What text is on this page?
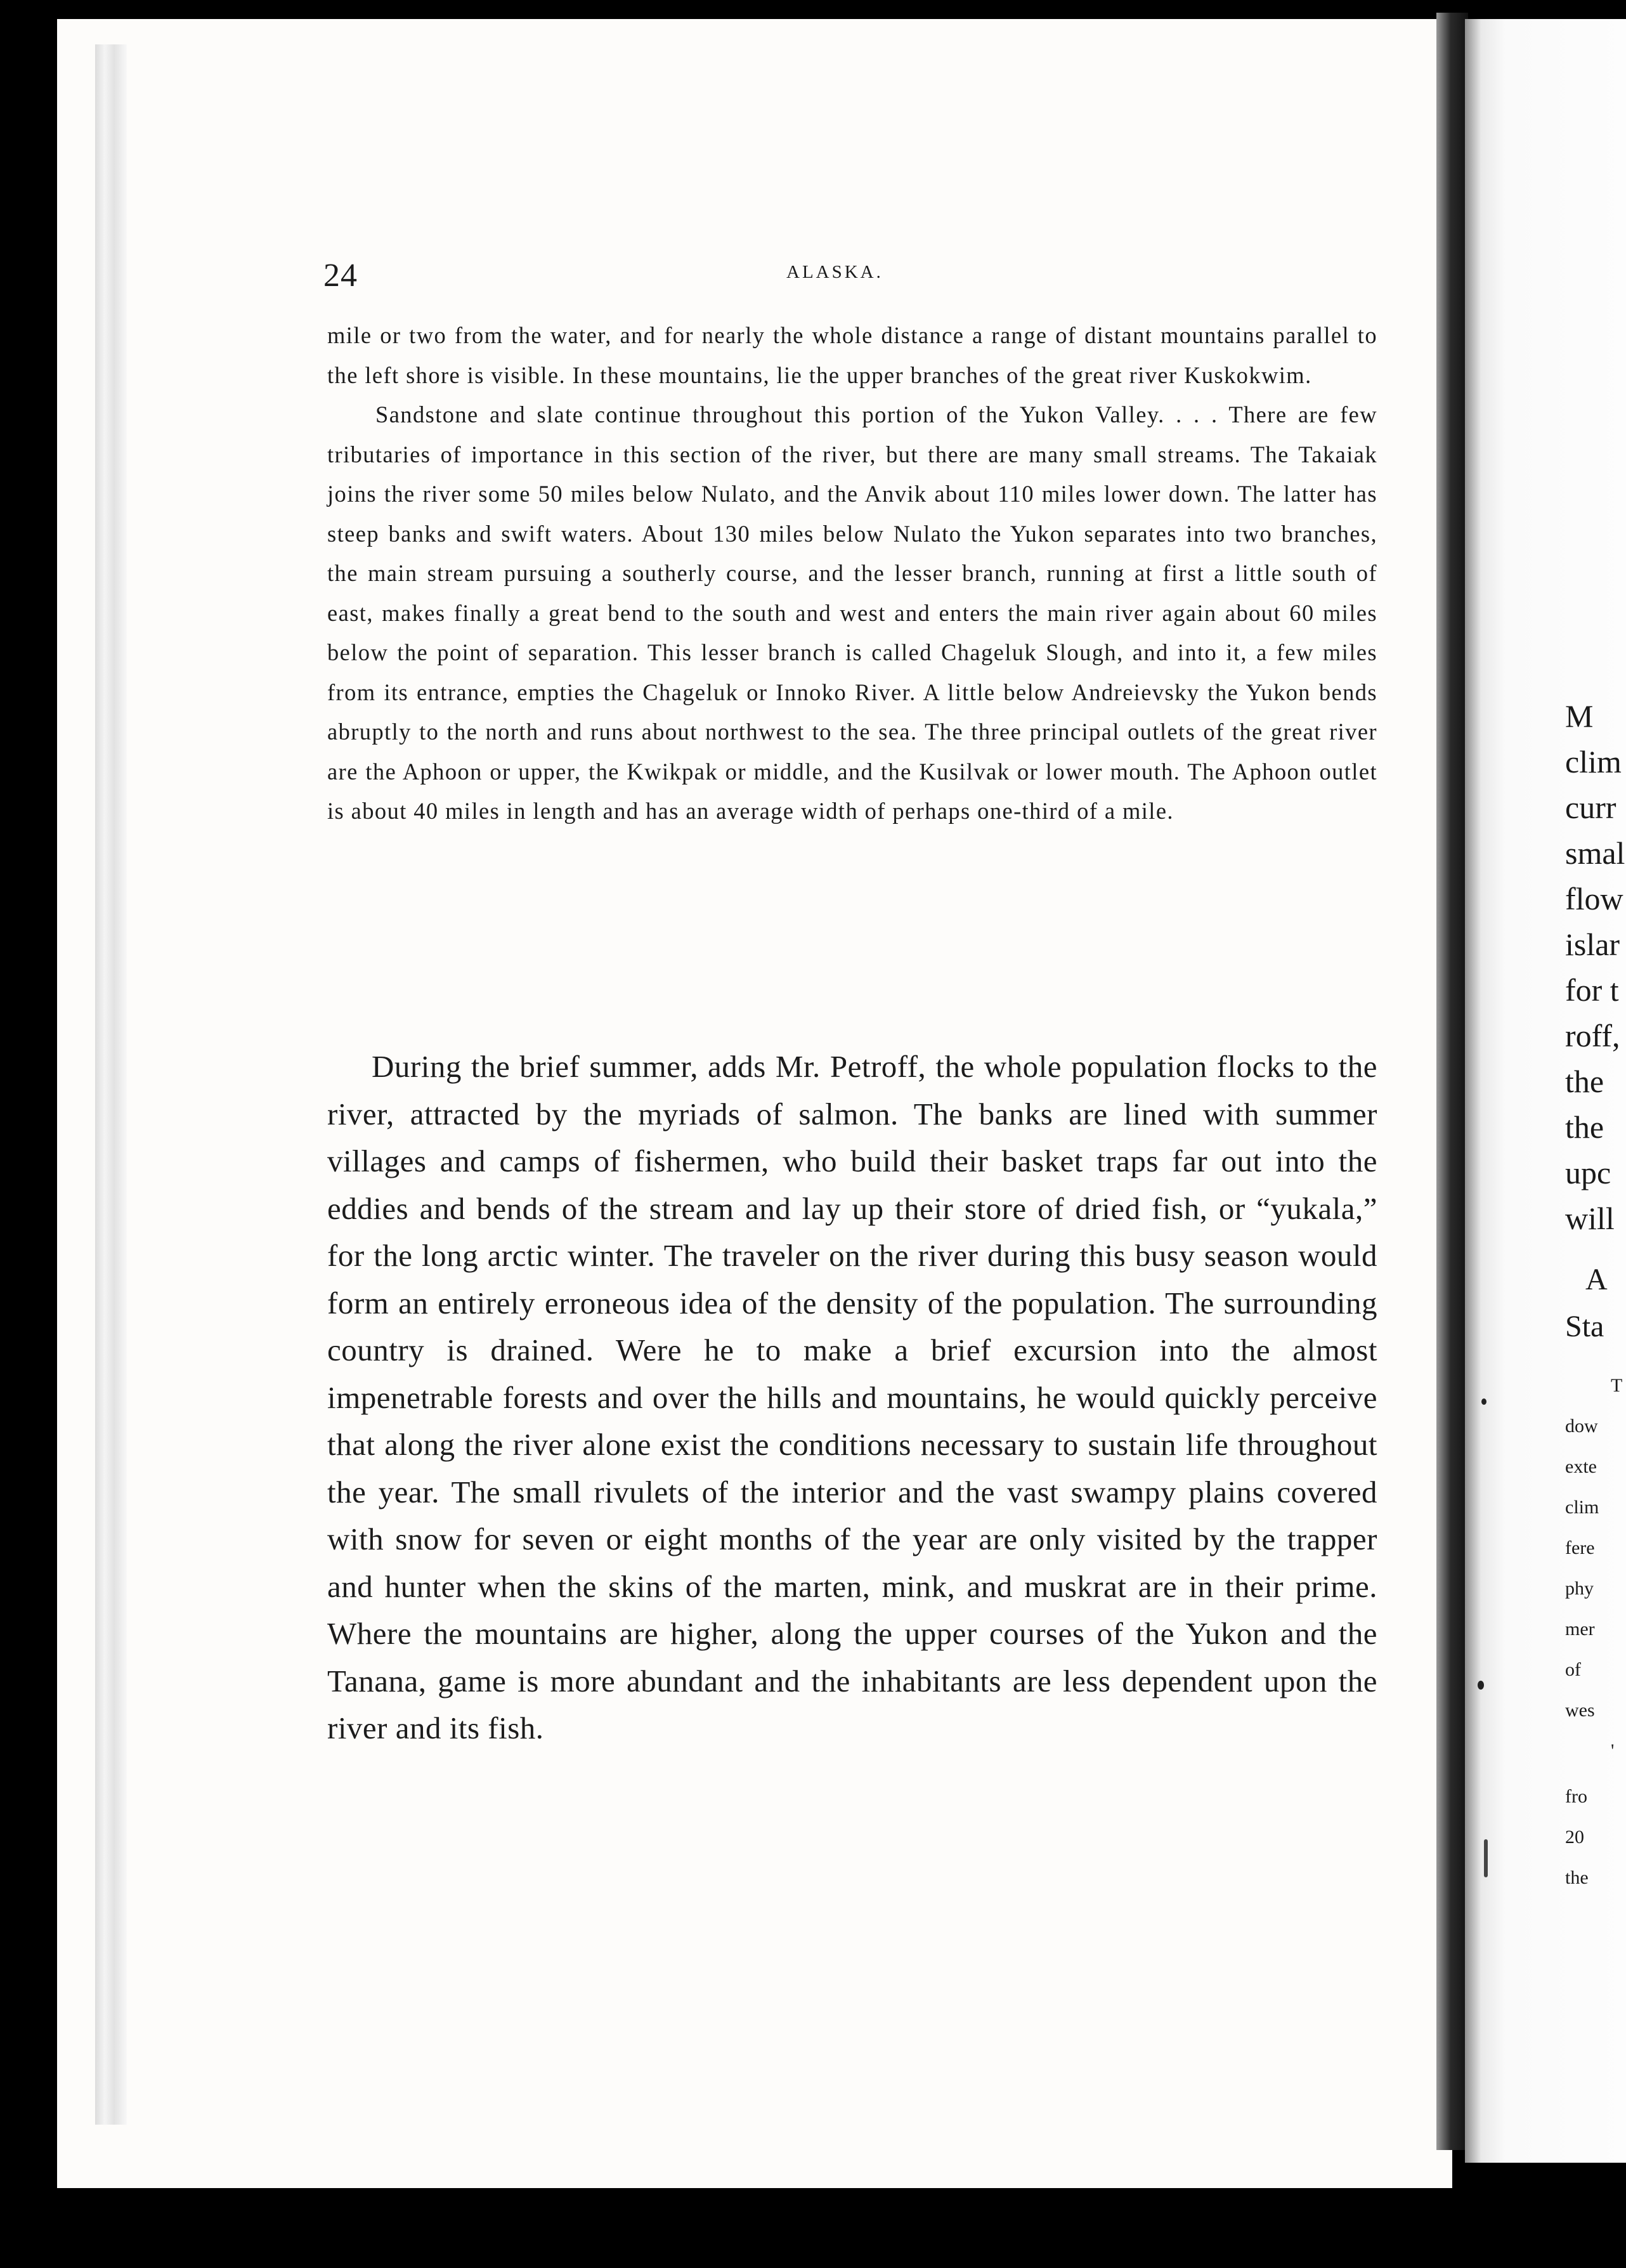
24	ALASKA.

mile or two from the water, and for nearly the whole distance a range of distant mountains parallel to the left shore is visible. In these mountains, lie the upper branches of the great river Kuskokwim.

Sandstone and slate continue throughout this portion of the Yukon Valley. . . . There are few tributaries of importance in this section of the river, but there are many small streams. The Takaiak joins the river some 50 miles below Nulato, and the Anvik about 110 miles lower down. The latter has steep banks and swift waters. About 130 miles below Nulato the Yukon separates into two branches, the main stream pursuing a southerly course, and the lesser branch, running at first a little south of east, makes finally a great bend to the south and west and enters the main river again about 60 miles below the point of separation. This lesser branch is called Chageluk Slough, and into it, a few miles from its entrance, empties the Chageluk or Innoko River. A little below Andreievsky the Yukon bends abruptly to the north and runs about northwest to the sea. The three principal outlets of the great river are the Aphoon or upper, the Kwikpak or middle, and the Kusilvak or lower mouth. The Aphoon outlet is about 40 miles in length and has an average width of perhaps one-third of a mile.

During the brief summer, adds Mr. Petroff, the whole population flocks to the river, attracted by the myriads of salmon. The banks are lined with summer villages and camps of fishermen, who build their basket traps far out into the eddies and bends of the stream and lay up their store of dried fish, or “yukala,” for the long arctic winter. The traveler on the river during this busy season would form an entirely erroneous idea of the density of the population. The surrounding country is drained. Were he to make a brief excursion into the almost impenetrable forests and over the hills and mountains, he would quickly perceive that along the river alone exist the conditions necessary to sustain life throughout the year. The small rivulets of the interior and the vast swampy plains covered with snow for seven or eight months of the year are only visited by the trapper and hunter when the skins of the marten, mink, and muskrat are in their prime. Where the mountains are higher, along the upper courses of the Yukon and the Tanana, game is more abundant and the inhabitants are less dependent upon the river and its fish.

M
clim
curr
smal
flow
islar
for t
roff,
the
the
upc
will
A
Sta
T
dow
exte
clim
fere
phy
mer
of
wes
'
fro
20
the
